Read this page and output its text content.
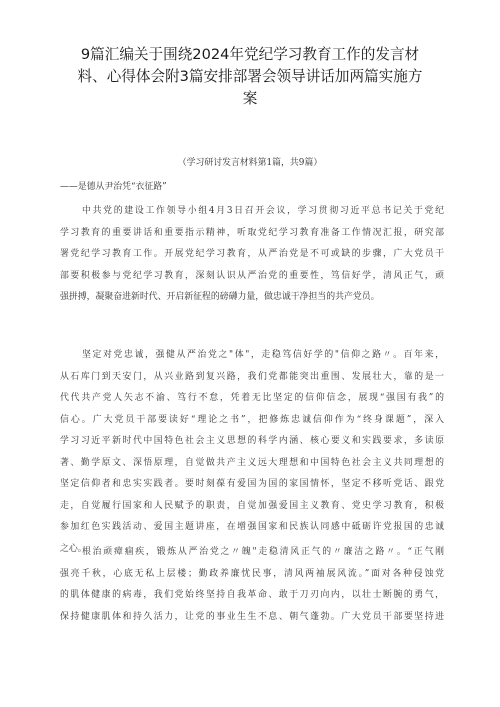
9篇汇编关于围绕2024年党纪学习教育工作的发言材
料、心得体会附3篇安排部署会领导讲话加两篇实施方
案
（学习研讨发言材料第1篇，共9篇）
——是德从尹治凭“衣征路”
中共党的建设工作领导小组4月3日召开会议，学习贯彻习近平总书记关于党纪
学习教育的重要讲话和重要指示精神，听取党纪学习教育准备工作情况汇报，研究部
署党纪学习教育工作。开展党纪学习教育，从严治党是不可或缺的步骤，广大党员干
部要积极参与党纪学习教育，深刻认识从严治党的重要性，笃信好学，清风正气，顽
强拼搏，凝聚奋进新时代、开启新征程的磅礴力量，做忠诚干净担当的共产党员。
坚定对党忠诚，强健从严治党之"体"，走稳笃信好学的"信仰之路〃。百年来，
从石库门到天安门，从兴业路到复兴路，我们党都能突出重围、发展壮大，靠的是一
代代共产党人矢志不渝、笃行不怠，凭着无比坚定的信仰信念，展现“强国有我”的
信心。广大党员干部要读好“理论之书”，把修炼忠诚信仰作为“终身课题”，深入
学习习近平新时代中国特色社会主义思想的科学内涵、核心要义和实践要求，多读原
著、勤学原文、深悟原理，自觉做共产主义远大理想和中国特色社会主义共同理想的
坚定信仰者和忠实实践者。要时刻葆有爱国为国的家国情怀，坚定不移听党话、跟党
走，自觉履行国家和人民赋予的职责，自觉加强爱国主义教育、党史学习教育，积极
参加红色实践活动、爱国主题讲座，在增强国家和民族认同感中砥砺许党报国的忠诚
之心。
根治顽瘴痼疾，锻炼从严治党之〃魄"走稳清风正气的〃廉洁之路〃。“正气刚
强亮千秋，心底无私上层楼；勤政养廉忧民事，清风两袖展风流。”面对各种侵蚀党
的肌体健康的病毒，我们党始终坚持自我革命、敢于刀刃向内，以壮士断腕的勇气，
保持健康肌体和持久活力，让党的事业生生不息、朝气蓬勃。广大党员干部要坚持进
